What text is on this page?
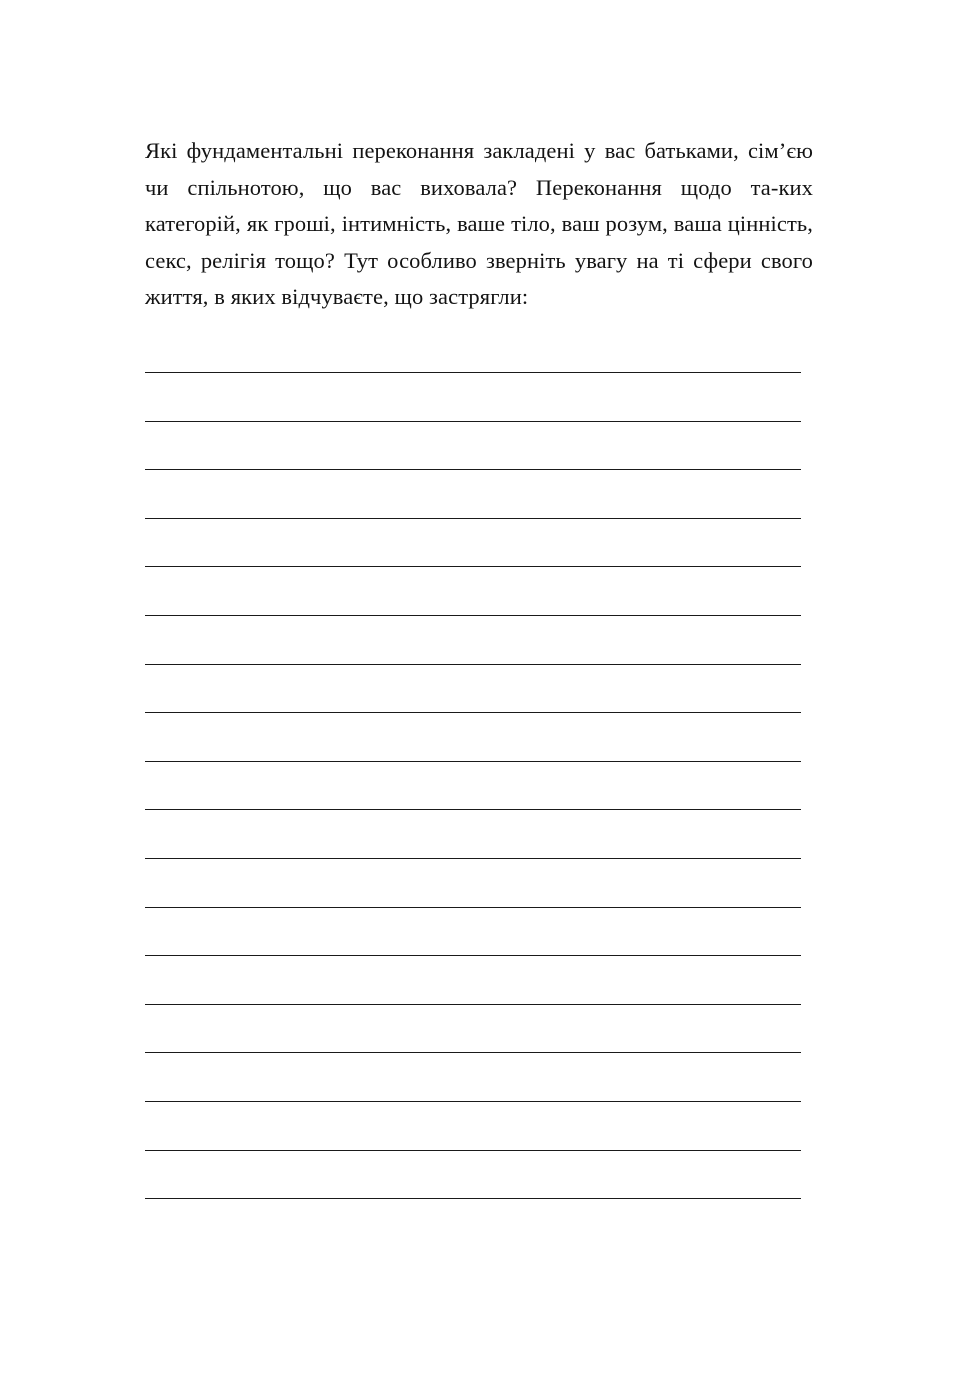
Які фундаментальні переконання закладені у вас батьками, сім’єю чи спільнотою, що вас виховала? Переконання щодо та-ких категорій, як гроші, інтимність, ваше тіло, ваш розум, ваша цінність, секс, релігія тощо? Тут особливо зверніть увагу на ті сфери свого життя, в яких відчуваєте, що застрягли:
